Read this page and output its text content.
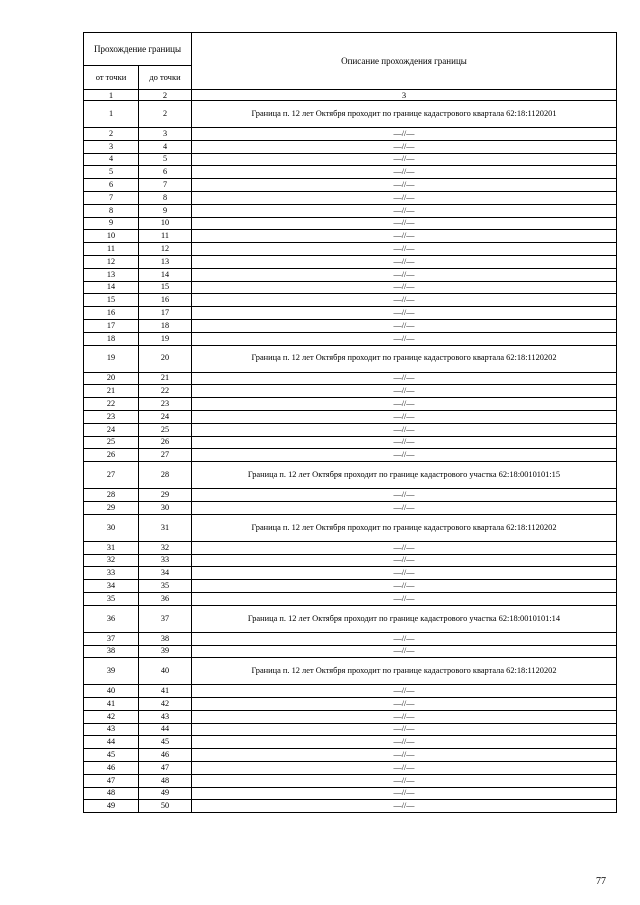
Прохождение границы		Описание прохождения границы
от точки	до точки	
1	2	3
1	2	Граница п. 12 лет Октября проходит по границе кадастрового квартала 62:18:1120201
2	3	—//—
3	4	—//—
4	5	—//—
5	6	—//—
6	7	—//—
7	8	—//—
8	9	—//—
9	10	—//—
10	11	—//—
11	12	—//—
12	13	—//—
13	14	—//—
14	15	—//—
15	16	—//—
16	17	—//—
17	18	—//—
18	19	—//—
19	20	Граница п. 12 лет Октября проходит по границе кадастрового квартала 62:18:1120202
20	21	—//—
21	22	—//—
22	23	—//—
23	24	—//—
24	25	—//—
25	26	—//—
26	27	—//—
27	28	Граница п. 12 лет Октября проходит по границе кадастрового участка 62:18:0010101:15
28	29	—//—
29	30	—//—
30	31	Граница п. 12 лет Октября проходит по границе кадастрового квартала 62:18:1120202
31	32	—//—
32	33	—//—
33	34	—//—
34	35	—//—
35	36	—//—
36	37	Граница п. 12 лет Октября проходит по границе кадастрового участка 62:18:0010101:14
37	38	—//—
38	39	—//—
39	40	Граница п. 12 лет Октября проходит по границе кадастрового квартала 62:18:1120202
40	41	—//—
41	42	—//—
42	43	—//—
43	44	—//—
44	45	—//—
45	46	—//—
46	47	—//—
47	48	—//—
48	49	—//—
49	50	—//—
77
